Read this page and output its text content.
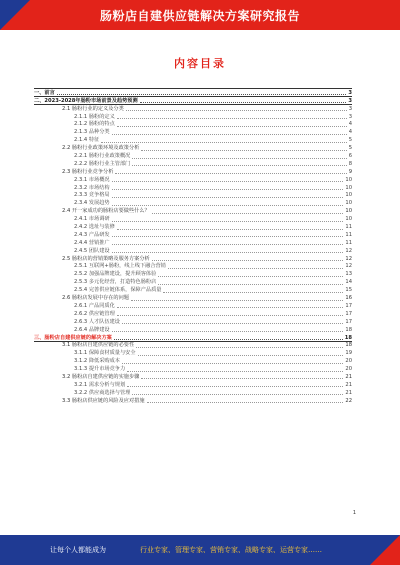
肠粉店自建供应链解决方案研究报告
内容目录
一、前言	3
二、2023-2028年肠粉市场前景及趋势预测	3
2.1 肠粉行业的定义及分类	3
2.1.1 肠粉的定义	3
2.1.2 肠粉的特点	4
2.1.3 品种分类	4
2.1.4 特征	5
2.2 肠粉行业政策环境及政策分析	5
2.2.1 肠粉行业政策概况	6
2.2.2 肠粉行业主管部门	8
2.3 肠粉行业竞争分析	9
2.3.1 市场概况	10
2.3.2 市场结构	10
2.3.3 竞争格局	10
2.3.4 发展趋势	10
2.4 开一家成功的肠粉店要做些什么？	10
2.4.1 市场调研	10
2.4.2 选址与装修	11
2.4.3 产品研发	11
2.4.4 营销推广	11
2.4.5 团队建设	12
2.5 肠粉店的营销策略及服务方案分析	12
2.5.1 互联网+肠粉，线上线下融合营销	12
2.5.2 加强品牌建设，提升顾客体验	13
2.5.3 多元化经营，打造特色肠粉店	14
2.5.4 完善供应链体系，保障产品质量	15
2.6 肠粉店发展中存在的问题	16
2.6.1 产品同质化	17
2.6.2 供应链管理	17
2.6.3 人才队伍建设	17
2.6.4 品牌建设	18
三、肠粉店自建供应链的解决方案	18
3.1 肠粉店自建供应链的必要性	18
3.1.1 保障食材质量与安全	19
3.1.2 降低采购成本	20
3.1.3 提升市场竞争力	20
3.2 肠粉店自建供应链的实施步骤	21
3.2.1 需求分析与规划	21
3.2.2 供应商选择与管理	21
3.3 肠粉店供应链的风险及应对措施	22
1
让每个人都能成为	行业专家、管理专家、营销专家、战略专家、运营专家……
